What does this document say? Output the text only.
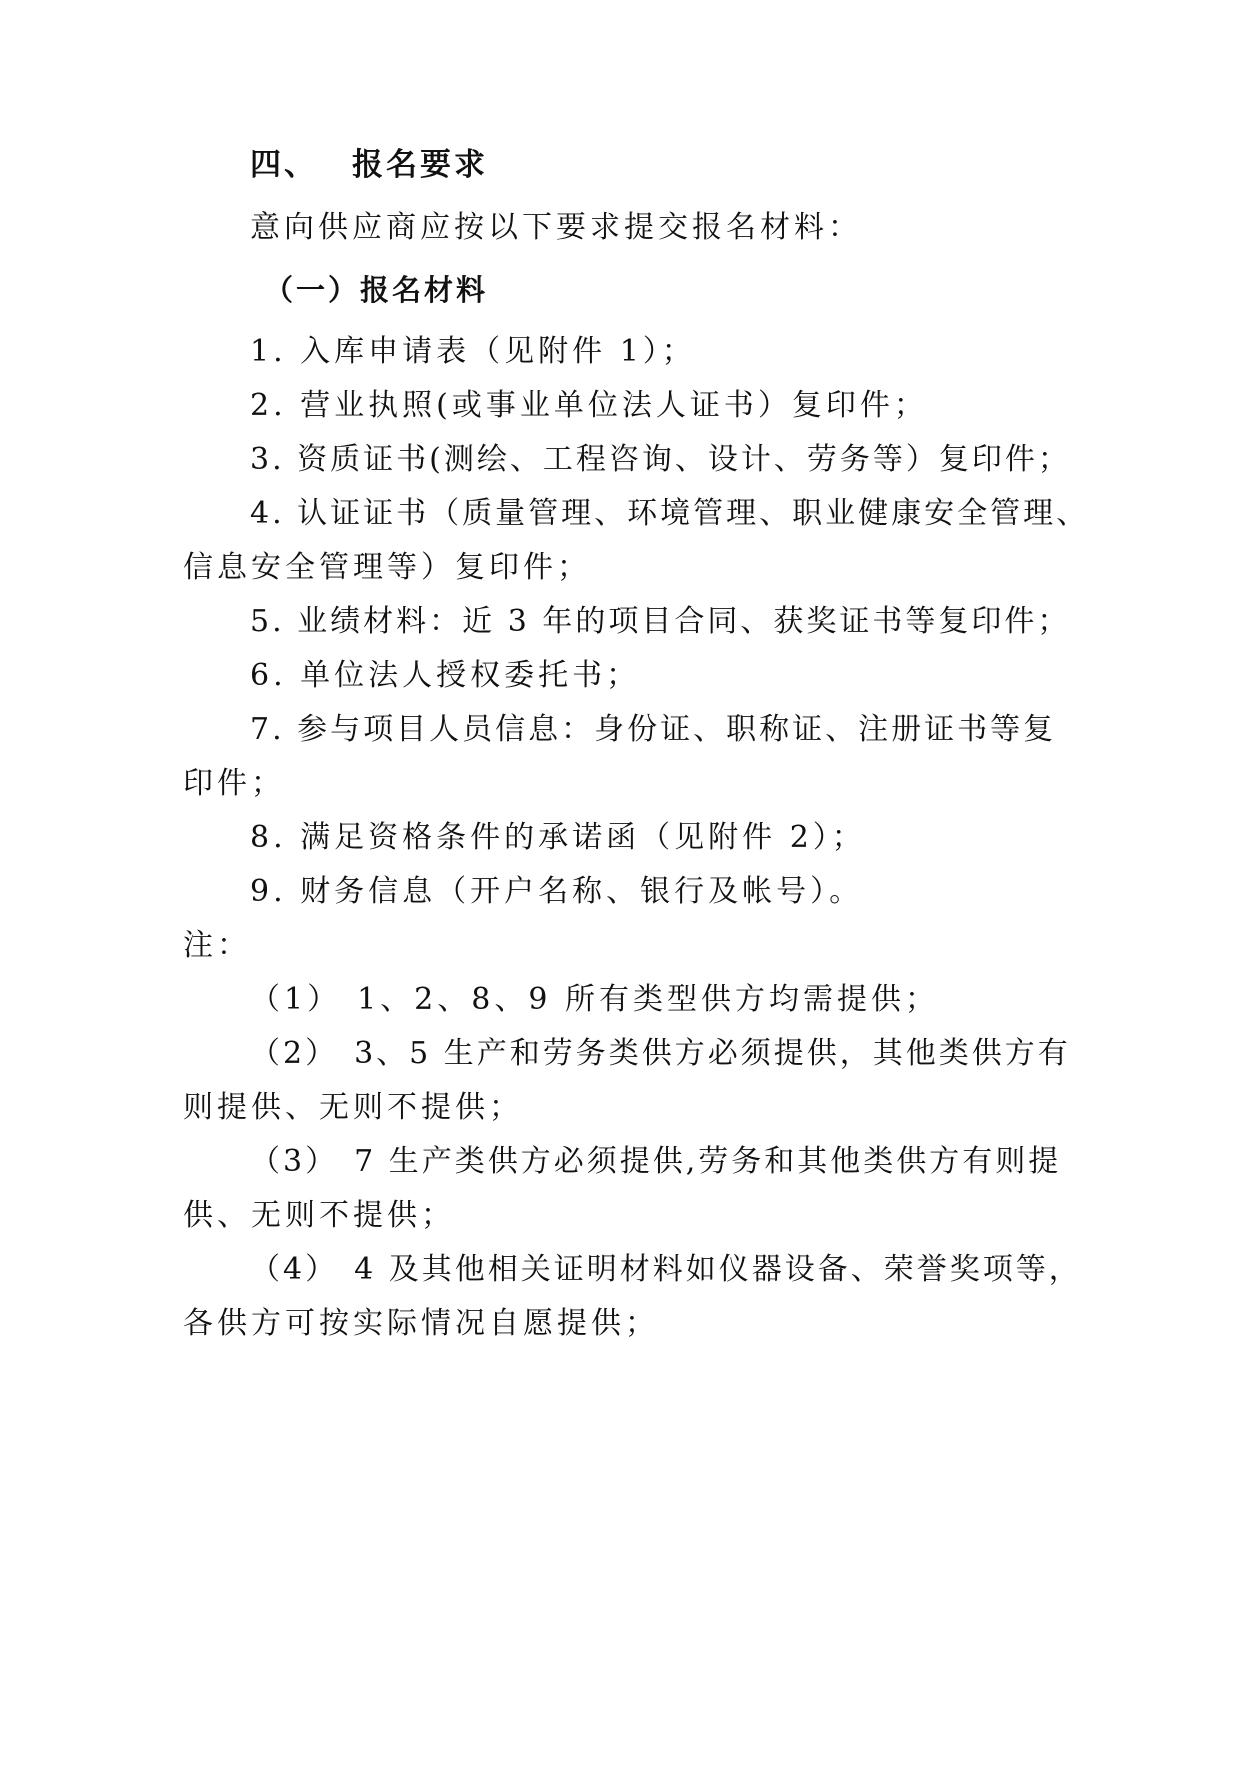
四、 报名要求
意向供应商应按以下要求提交报名材料：
（一）报名材料
1. 入库申请表（见附件 1）；
2. 营业执照(或事业单位法人证书）复印件；
3. 资质证书(测绘、工程咨询、设计、劳务等）复印件；
4. 认证证书（质量管理、环境管理、职业健康安全管理、
信息安全管理等）复印件；
5. 业绩材料：近 3 年的项目合同、获奖证书等复印件；
6. 单位法人授权委托书；
7. 参与项目人员信息：身份证、职称证、注册证书等复
印件；
8. 满足资格条件的承诺函（见附件 2）；
9. 财务信息（开户名称、银行及帐号）。
注：
（1） 1、2、8、9 所有类型供方均需提供；
（2） 3、5 生产和劳务类供方必须提供，其他类供方有
则提供、无则不提供；
（3） 7 生产类供方必须提供,劳务和其他类供方有则提
供、无则不提供；
（4） 4 及其他相关证明材料如仪器设备、荣誉奖项等，
各供方可按实际情况自愿提供；
